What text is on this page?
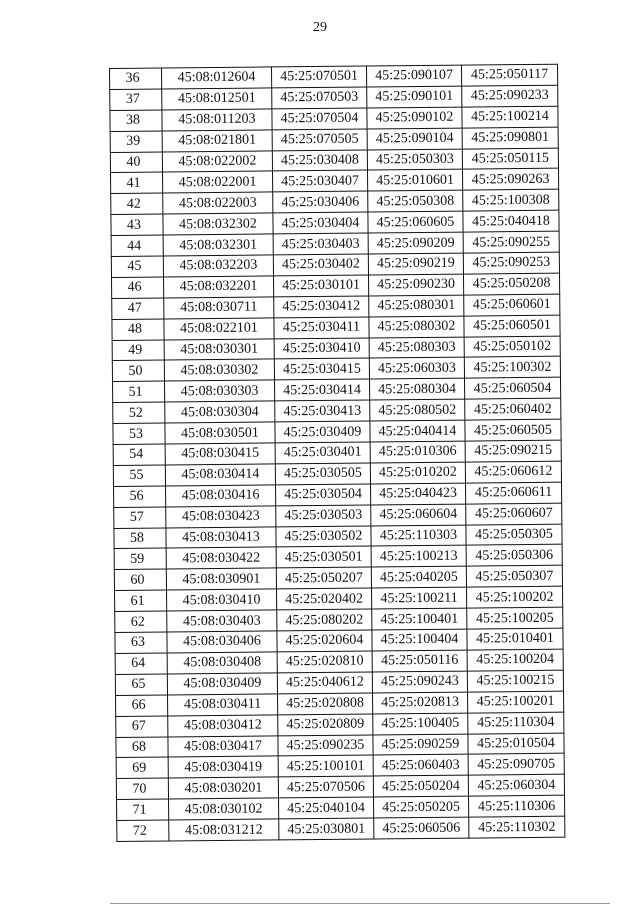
29
36	45:08:012604	45:25:070501	45:25:090107	45:25:050117
37	45:08:012501	45:25:070503	45:25:090101	45:25:090233
38	45:08:011203	45:25:070504	45:25:090102	45:25:100214
39	45:08:021801	45:25:070505	45:25:090104	45:25:090801
40	45:08:022002	45:25:030408	45:25:050303	45:25:050115
41	45:08:022001	45:25:030407	45:25:010601	45:25:090263
42	45:08:022003	45:25:030406	45:25:050308	45:25:100308
43	45:08:032302	45:25:030404	45:25:060605	45:25:040418
44	45:08:032301	45:25:030403	45:25:090209	45:25:090255
45	45:08:032203	45:25:030402	45:25:090219	45:25:090253
46	45:08:032201	45:25:030101	45:25:090230	45:25:050208
47	45:08:030711	45:25:030412	45:25:080301	45:25:060601
48	45:08:022101	45:25:030411	45:25:080302	45:25:060501
49	45:08:030301	45:25:030410	45:25:080303	45:25:050102
50	45:08:030302	45:25:030415	45:25:060303	45:25:100302
51	45:08:030303	45:25:030414	45:25:080304	45:25:060504
52	45:08:030304	45:25:030413	45:25:080502	45:25:060402
53	45:08:030501	45:25:030409	45:25:040414	45:25:060505
54	45:08:030415	45:25:030401	45:25:010306	45:25:090215
55	45:08:030414	45:25:030505	45:25:010202	45:25:060612
56	45:08:030416	45:25:030504	45:25:040423	45:25:060611
57	45:08:030423	45:25:030503	45:25:060604	45:25:060607
58	45:08:030413	45:25:030502	45:25:110303	45:25:050305
59	45:08:030422	45:25:030501	45:25:100213	45:25:050306
60	45:08:030901	45:25:050207	45:25:040205	45:25:050307
61	45:08:030410	45:25:020402	45:25:100211	45:25:100202
62	45:08:030403	45:25:080202	45:25:100401	45:25:100205
63	45:08:030406	45:25:020604	45:25:100404	45:25:010401
64	45:08:030408	45:25:020810	45:25:050116	45:25:100204
65	45:08:030409	45:25:040612	45:25:090243	45:25:100215
66	45:08:030411	45:25:020808	45:25:020813	45:25:100201
67	45:08:030412	45:25:020809	45:25:100405	45:25:110304
68	45:08:030417	45:25:090235	45:25:090259	45:25:010504
69	45:08:030419	45:25:100101	45:25:060403	45:25:090705
70	45:08:030201	45:25:070506	45:25:050204	45:25:060304
71	45:08:030102	45:25:040104	45:25:050205	45:25:110306
72	45:08:031212	45:25:030801	45:25:060506	45:25:110302
